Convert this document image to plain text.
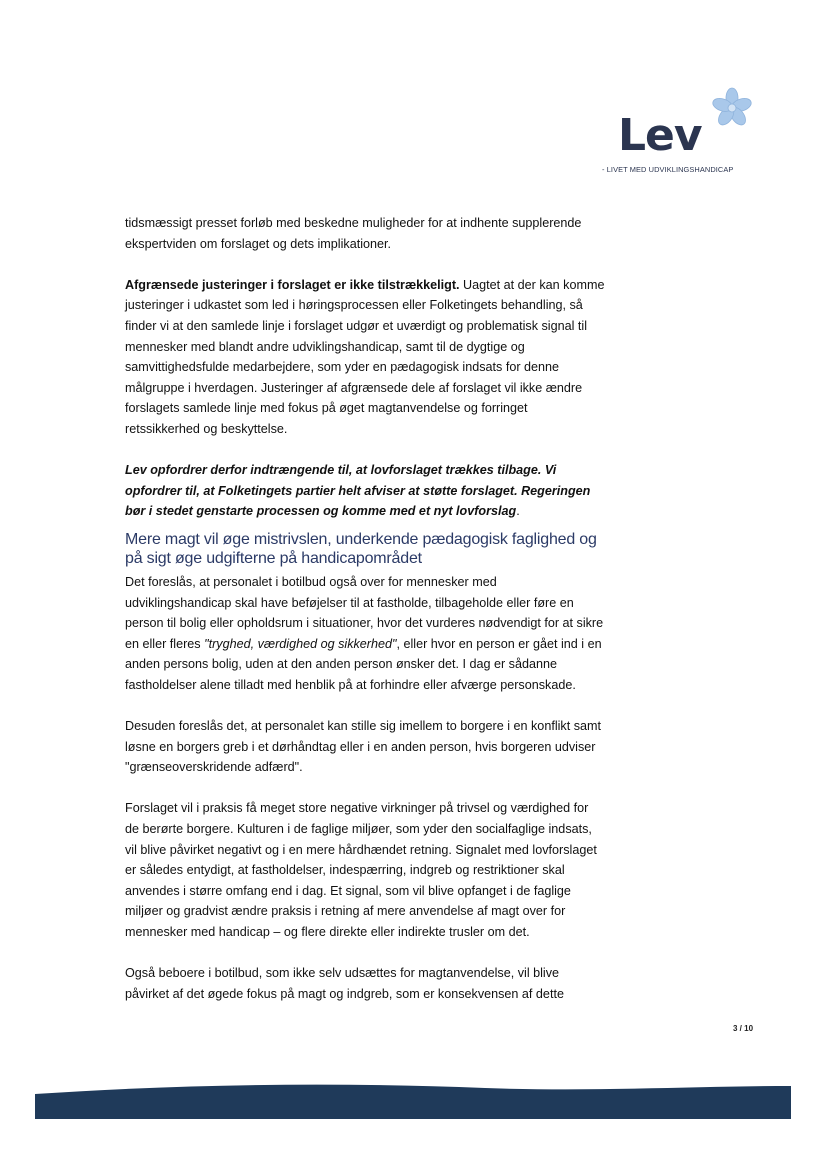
Lev
- LIVET MED UDVIKLINGSHANDICAP

tidsmæssigt presset forløb med beskedne muligheder for at indhente supplerende ekspertviden om forslaget og dets implikationer.

Afgrænsede justeringer i forslaget er ikke tilstrækkeligt. Uagtet at der kan komme justeringer i udkastet som led i høringsprocessen eller Folketingets behandling, så finder vi at den samlede linje i forslaget udgør et uværdigt og problematisk signal til mennesker med blandt andre udviklingshandicap, samt til de dygtige og samvittighedsfulde medarbejdere, som yder en pædagogisk indsats for denne målgruppe i hverdagen. Justeringer af afgrænsede dele af forslaget vil ikke ændre forslagets samlede linje med fokus på øget magtanvendelse og forringet retssikkerhed og beskyttelse.

Lev opfordrer derfor indtrængende til, at lovforslaget trækkes tilbage. Vi opfordrer til, at Folketingets partier helt afviser at støtte forslaget. Regeringen bør i stedet genstarte processen og komme med et nyt lovforslag.

Mere magt vil øge mistrivslen, underkende pædagogisk faglighed og på sigt øge udgifterne på handicapområdet

Det foreslås, at personalet i botilbud også over for mennesker med udviklingshandicap skal have beføjelser til at fastholde, tilbageholde eller føre en person til bolig eller opholdsrum i situationer, hvor det vurderes nødvendigt for at sikre en eller fleres "tryghed, værdighed og sikkerhed", eller hvor en person er gået ind i en anden persons bolig, uden at den anden person ønsker det. I dag er sådanne fastholdelser alene tilladt med henblik på at forhindre eller afværge personskade.

Desuden foreslås det, at personalet kan stille sig imellem to borgere i en konflikt samt løsne en borgers greb i et dørhåndtag eller i en anden person, hvis borgeren udviser "grænseoverskridende adfærd".

Forslaget vil i praksis få meget store negative virkninger på trivsel og værdighed for de berørte borgere. Kulturen i de faglige miljøer, som yder den socialfaglige indsats, vil blive påvirket negativt og i en mere hårdhændet retning. Signalet med lovforslaget er således entydigt, at fastholdelser, indespærring, indgreb og restriktioner skal anvendes i større omfang end i dag. Et signal, som vil blive opfanget i de faglige miljøer og gradvist ændre praksis i retning af mere anvendelse af magt over for mennesker med handicap – og flere direkte eller indirekte trusler om det.

Også beboere i botilbud, som ikke selv udsættes for magtanvendelse, vil blive påvirket af det øgede fokus på magt og indgreb, som er konsekvensen af dette

3 / 10
